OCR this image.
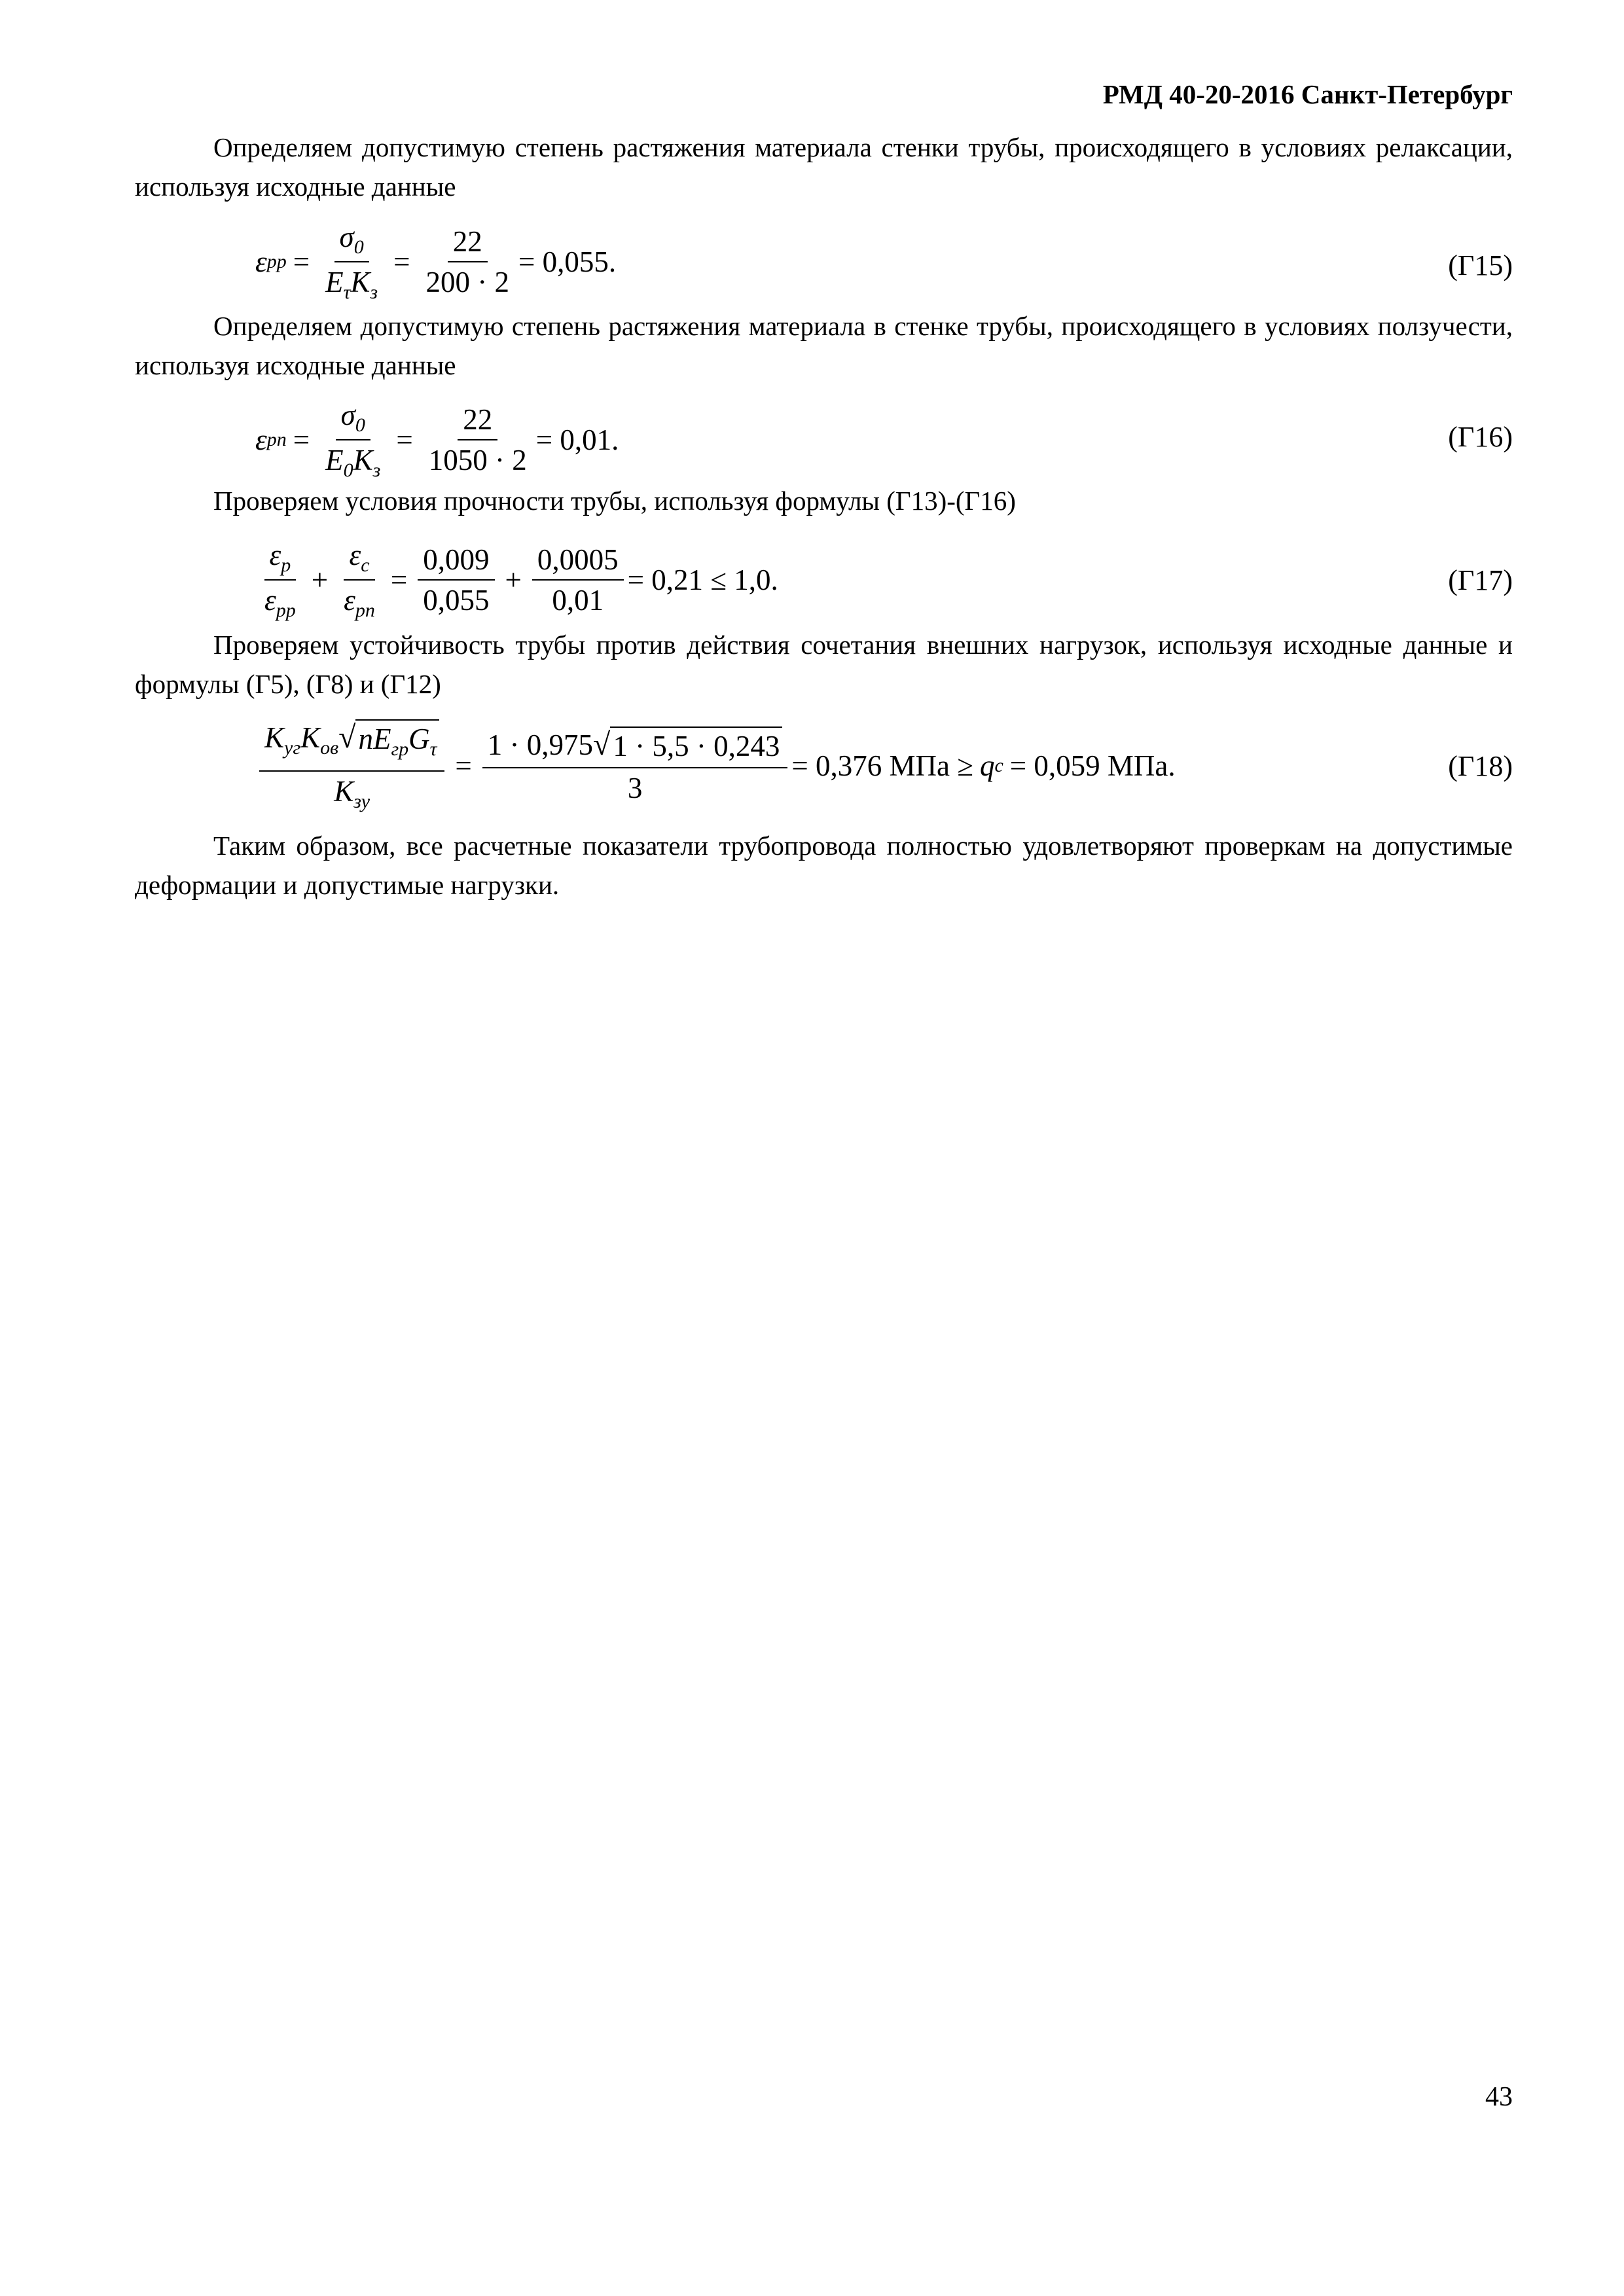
РМД 40-20-2016 Санкт-Петербург

Определяем допустимую степень растяжения материала стенки трубы, происходящего в условиях релаксации, используя исходные данные

ε pp = $\frac{\sigma_0}{E_\tau K_з} = \frac{22}{200 \cdot 2} = 0,055$.	(Г15)

Определяем допустимую степень растяжения материала в стенке трубы, происходящего в условиях ползучести, используя исходные данные

ε pn = $\frac{\sigma_0}{E_0K_з} = \frac{22}{1050 \cdot 2} = 0,01$.	(Г16)

Проверяем условия прочности трубы, используя формулы (Г13)-(Г16)

$\frac{\varepsilon_p}{\varepsilon_{pp}} + \frac{\varepsilon_c}{\varepsilon_{pn}} = \frac{0,009}{0,055} + \frac{0,0005}{0,01} = 0,21 \le 1,0$.	(Г17)

Проверяем устойчивость трубы против действия сочетания внешних нагрузок, используя исходные данные и формулы (Г5), (Г8) и (Г12)

$\frac{K_{уг}K_{ов} √ nE_{гр}G_\tau}{K_{зу}} = \frac{1 \cdot 0,975 √ 1 \cdot 5,5 \cdot 0,243}{3} = 0,376$ МПа ≥ q c = 0,059 МПа.	(Г18)

Таким образом, все расчетные показатели трубопровода полностью удовлетворяют проверкам на допустимые деформации и допустимые нагрузки.

43
